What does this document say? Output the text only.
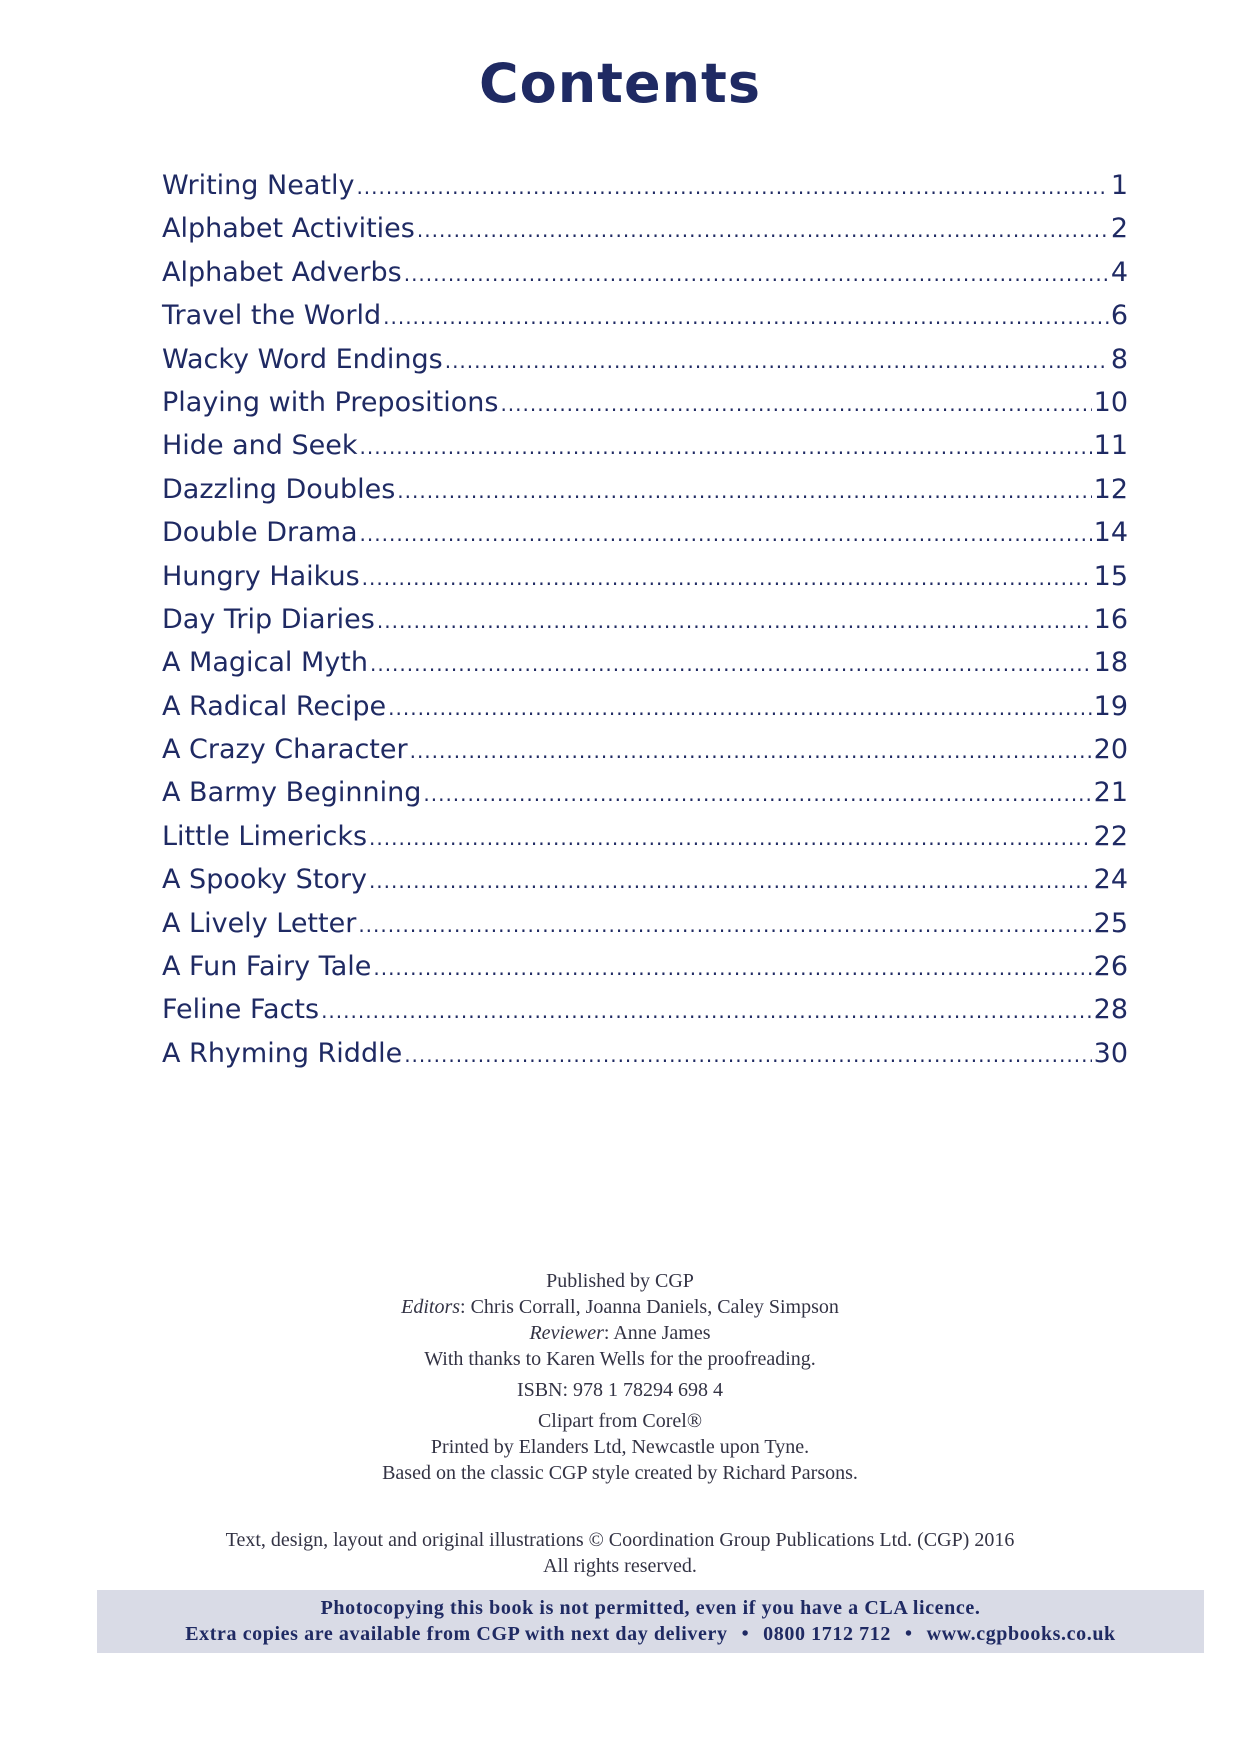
Contents
Writing Neatly .....	1
Alphabet Activities .....	2
Alphabet Adverbs .....	4
Travel the World .....	6
Wacky Word Endings .....	8
Playing with Prepositions .....	10
Hide and Seek .....	11
Dazzling Doubles .....	12
Double Drama .....	14
Hungry Haikus .....	15
Day Trip Diaries .....	16
A Magical Myth .....	18
A Radical Recipe .....	19
A Crazy Character .....	20
A Barmy Beginning .....	21
Little Limericks .....	22
A Spooky Story .....	24
A Lively Letter .....	25
A Fun Fairy Tale .....	26
Feline Facts .....	28
A Rhyming Riddle .....	30
Published by CGP
Editors: Chris Corrall, Joanna Daniels, Caley Simpson
Reviewer: Anne James
With thanks to Karen Wells for the proofreading.
ISBN: 978 1 78294 698 4
Clipart from Corel®
Printed by Elanders Ltd, Newcastle upon Tyne.
Based on the classic CGP style created by Richard Parsons.
Text, design, layout and original illustrations © Coordination Group Publications Ltd. (CGP) 2016
All rights reserved.
Photocopying this book is not permitted, even if you have a CLA licence.
Extra copies are available from CGP with next day delivery • 0800 1712 712 • www.cgpbooks.co.uk
